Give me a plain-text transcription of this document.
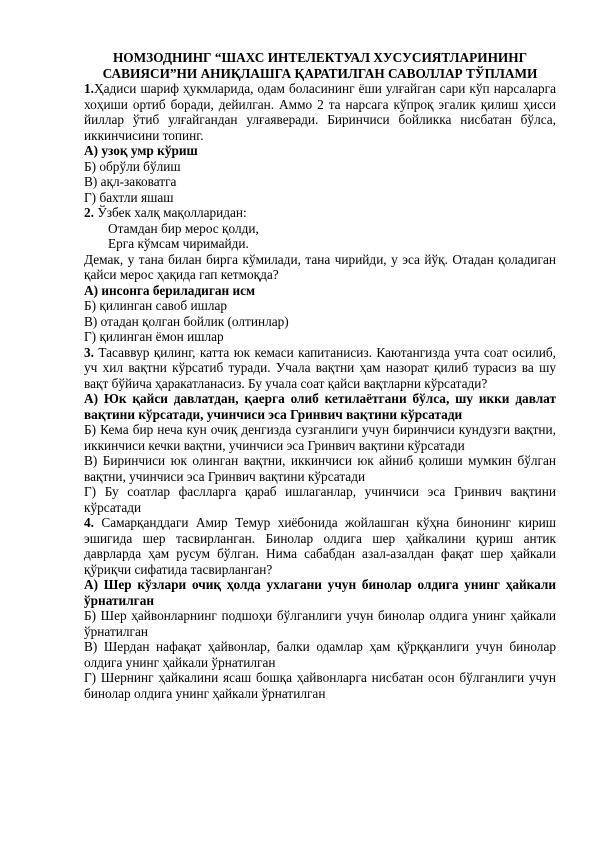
НОМЗОДНИНГ “ШАХС ИНТЕЛЕКТУАЛ ХУСУСИЯТЛАРИНИНГ
САВИЯСИ”НИ АНИҚЛАШГА ҚАРАТИЛГАН САВОЛЛАР ТЎПЛАМИ

1.Ҳадиси шариф ҳукмларида, одам боласининг ёши улғайган сари кўп нарсаларга хоҳиши ортиб боради, дейилган. Аммо 2 та нарсага кўпроқ эгалик қилиш ҳисси йиллар ўтиб улғайгандан улғаяверади. Биринчиси бойликка нисбатан бўлса, иккинчисини топинг.

А) узоқ умр кўриш

Б) обрўли бўлиш

В) ақл-заковатга

Г) бахтли яшаш

2. Ўзбек халқ мақолларидан:

Отамдан бир мерос қолди,

Ерга кўмсам чиримайди.

Демак, у тана билан бирга кўмилади, тана чирийди, у эса йўқ. Отадан қоладиган қайси мерос ҳақида гап кетмоқда?

А) инсонга бериладиган исм

Б) қилинган савоб ишлар

В) отадан қолган бойлик (олтинлар)

Г) қилинган ёмон ишлар

3. Тасаввур қилинг, катта юк кемаси капитанисиз. Каютангизда учта соат осилиб, уч хил вақтни кўрсатиб туради. Учала вақтни ҳам назорат қилиб турасиз ва шу вақт бўйича ҳаракатланасиз. Бу учала соат қайси вақтларни кўрсатади?

А) Юк қайси давлатдан, қаерга олиб кетилаётгани бўлса, шу икки давлат вақтини кўрсатади, учинчиси эса Гринвич вақтини кўрсатади

Б) Кема бир неча кун очиқ денгизда сузганлиги учун биринчиси кундузги вақтни, иккинчиси кечки вақтни, учинчиси эса Гринвич вақтини кўрсатади

В) Биринчиси юк олинган вақтни, иккинчиси юк айниб қолиши мумкин бўлган вақтни, учинчиси эса Гринвич вақтини кўрсатади

Г) Бу соатлар фаслларга қараб ишлаганлар, учинчиси эса Гринвич вақтини кўрсатади

4. Самарқанддаги Амир Темур хиёбонида жойлашган кўҳна бинонинг кириш эшигида шер тасвирланган. Бинолар олдига шер ҳайкалини қуриш антик даврларда ҳам русум бўлган. Нима сабабдан азал-азалдан фақат шер ҳайкали қўриқчи сифатида тасвирланган?

А) Шер кўзлари очиқ ҳолда ухлагани учун бинолар олдига унинг ҳайкали ўрнатилган

Б) Шер ҳайвонларнинг подшоҳи бўлганлиги учун бинолар олдига унинг ҳайкали ўрнатилган

В) Шердан нафақат ҳайвонлар, балки одамлар ҳам қўрққанлиги учун бинолар олдига унинг ҳайкали ўрнатилган

Г) Шернинг ҳайкалини ясаш бошқа ҳайвонларга нисбатан осон бўлганлиги учун бинолар олдига унинг ҳайкали ўрнатилган
